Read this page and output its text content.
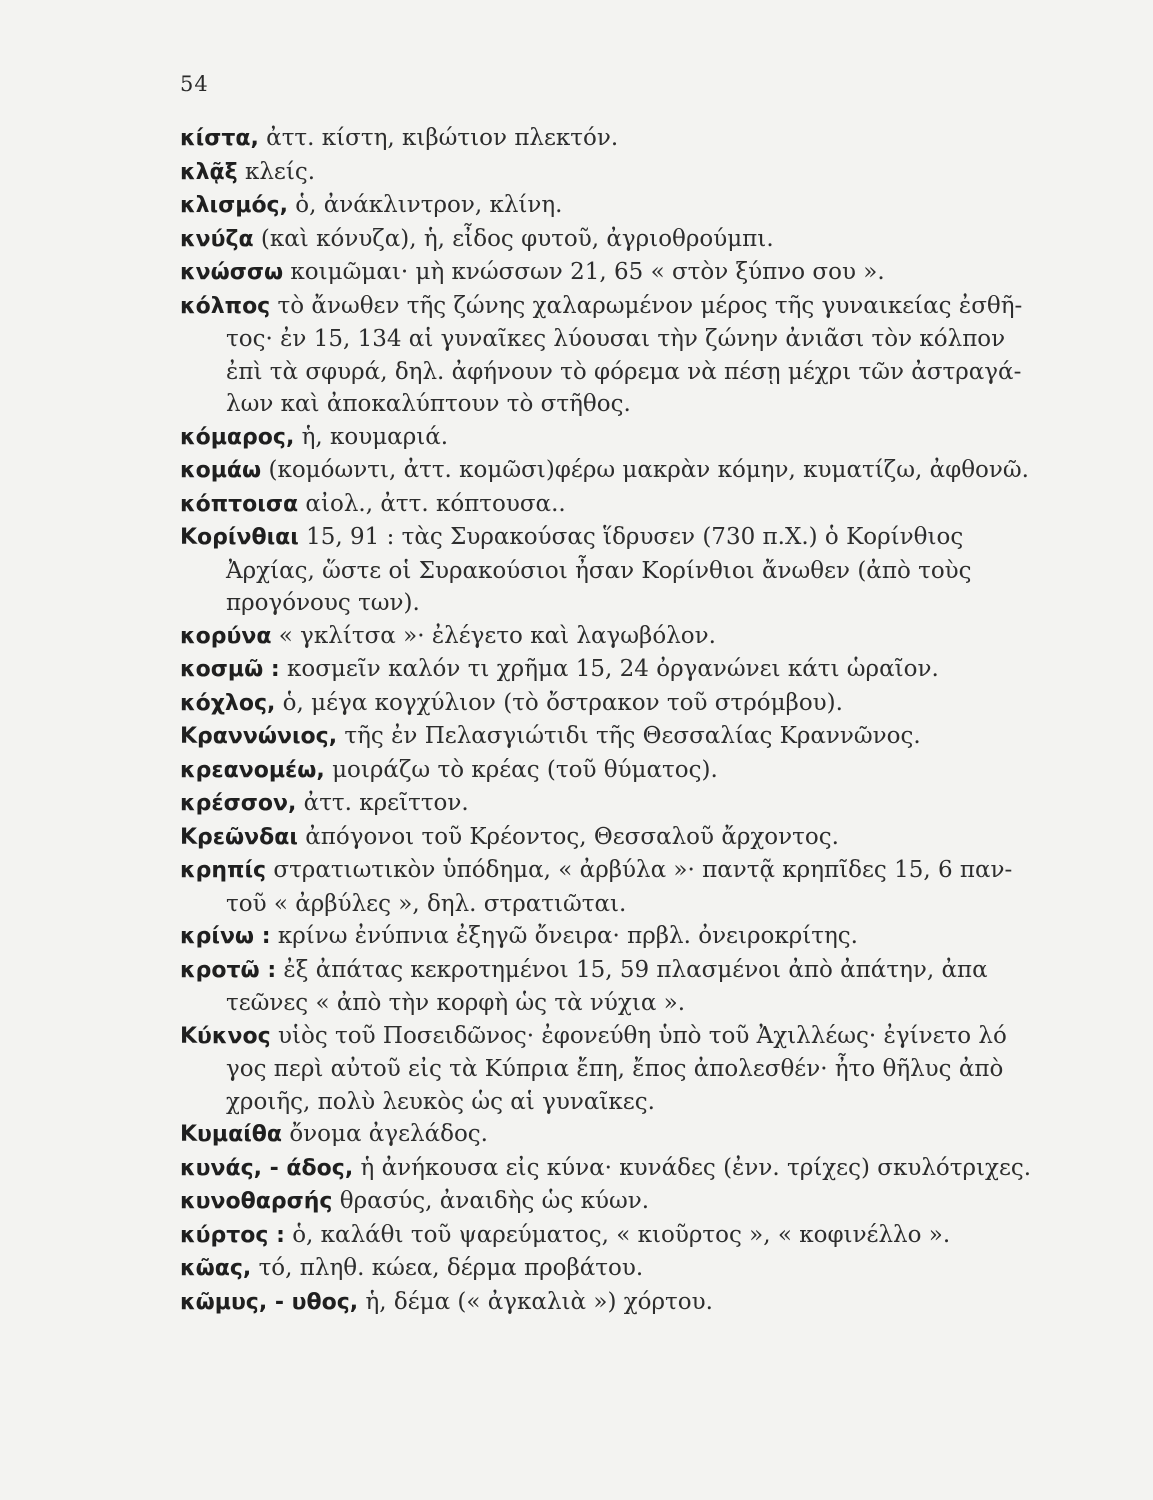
54
κίστα, ἀττ. κίστη, κιβώτιον πλεκτόν.
κλᾷξ κλείς.
κλισμός, ὁ, ἀνάκλιντρον, κλίνη.
κνύζα (καὶ κόνυζα), ἡ, εἶδος φυτοῦ, ἀγριοθρούμπι.
κνώσσω κοιμῶμαι· μὴ κνώσσων 21, 65 « στὸν ξύπνο σου ».
κόλπος τὸ ἄνωθεν τῆς ζώνης χαλαρωμένον μέρος τῆς γυναικείας ἐσθῆ-
τος· ἐν 15, 134 αἱ γυναῖκες λύουσαι τὴν ζώνην ἀνιᾶσι τὸν κόλπον
ἐπὶ τὰ σφυρά, δηλ. ἀφήνουν τὸ φόρεμα νὰ πέσῃ μέχρι τῶν ἀστραγά-
λων καὶ ἀποκαλύπτουν τὸ στῆθος.
κόμαρος, ἡ, κουμαριά.
κομάω (κομόωντι, ἀττ. κομῶσι)φέρω μακρὰν κόμην, κυματίζω, ἀφθονῶ.
κόπτοισα αἰολ., ἀττ. κόπτουσα..
Κορίνθιαι 15, 91 : τὰς Συρακούσας ἵδρυσεν (730 π.Χ.) ὁ Κορίνθιος
Ἀρχίας, ὥστε οἱ Συρακούσιοι ἦσαν Κορίνθιοι ἄνωθεν (ἀπὸ τοὺς
προγόνους των).
κορύνα « γκλίτσα »· ἐλέγετο καὶ λαγωβόλον.
κοσμῶ : κοσμεῖν καλόν τι χρῆμα 15, 24 ὀργανώνει κάτι ὡραῖον.
κόχλος, ὁ, μέγα κογχύλιον (τὸ ὄστρακον τοῦ στρόμβου).
Κραννώνιος, τῆς ἐν Πελασγιώτιδι τῆς Θεσσαλίας Κραννῶνος.
κρεανομέω, μοιράζω τὸ κρέας (τοῦ θύματος).
κρέσσον, ἀττ. κρεῖττον.
Κρεῶνδαι ἀπόγονοι τοῦ Κρέοντος, Θεσσαλοῦ ἄρχοντος.
κρηπίς στρατιωτικὸν ὑπόδημα, « ἀρβύλα »· παντᾷ κρηπῖδες 15, 6 παν-
τοῦ « ἀρβύλες », δηλ. στρατιῶται.
κρίνω : κρίνω ἐνύπνια ἐξηγῶ ὄνειρα· πρβλ. ὀνειροκρίτης.
κροτῶ : ἐξ ἀπάτας κεκροτημένοι 15, 59 πλασμένοι ἀπὸ ἀπάτην, ἀπα
τεῶνες « ἀπὸ τὴν κορφὴ ὡς τὰ νύχια ».
Κύκνος υἱὸς τοῦ Ποσειδῶνος· ἐφονεύθη ὑπὸ τοῦ Ἀχιλλέως· ἐγίνετο λό
γος περὶ αὐτοῦ εἰς τὰ Κύπρια ἔπη, ἔπος ἀπολεσθέν· ἦτο θῆλυς ἀπὸ
χροιῆς, πολὺ λευκὸς ὡς αἱ γυναῖκες.
Κυμαίθα ὄνομα ἀγελάδος.
κυνάς, - άδος, ἡ ἀνήκουσα εἰς κύνα· κυνάδες (ἐνν. τρίχες) σκυλότριχες.
κυνοθαρσής θρασύς, ἀναιδὴς ὡς κύων.
κύρτος : ὁ, καλάθι τοῦ ψαρεύματος, « κιοῦρτος », « κοφινέλλο ».
κῶας, τό, πληθ. κώεα, δέρμα προβάτου.
κῶμυς, - υθος, ἡ, δέμα (« ἀγκαλιὰ ») χόρτου.
